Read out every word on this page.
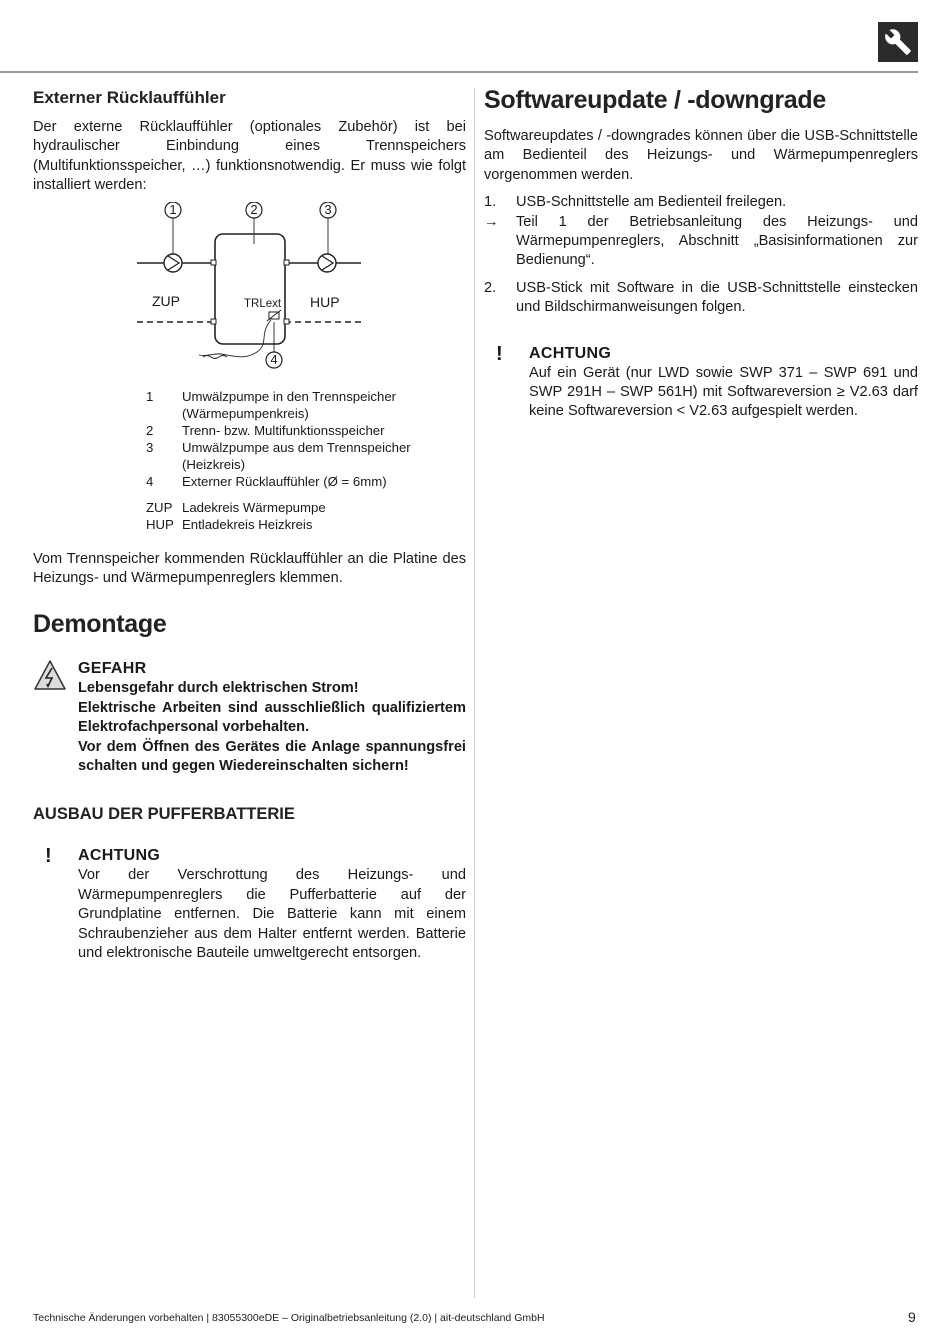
Externer Rücklauffühler

Der externe Rücklauffühler (optionales Zubehör) ist bei hydraulischer Einbindung eines Trennspeichers (Multifunktionsspeicher, …) funktionsnotwendig. Er muss wie folgt installiert werden:

1	2	3
4
ZUP	HUP
TRLext
1	Umwälzpumpe in den Trennspeicher (Wärmepumpenkreis)
2	Trenn- bzw. Multifunktionsspeicher
3	Umwälzpumpe aus dem Trennspeicher (Heizkreis)
4	Externer Rücklauffühler (Ø = 6mm)
ZUP Ladekreis Wärmepumpe
HUP Entladekreis Heizkreis

Vom Trennspeicher kommenden Rücklauffühler an die Platine des Heizungs- und Wärmepumpenreglers klemmen.

Demontage
GEFAHR
Lebensgefahr durch elektrischen Strom!
Elektrische Arbeiten sind ausschließlich qualifiziertem Elektrofachpersonal vorbehalten.
Vor dem Öffnen des Gerätes die Anlage spannungsfrei schalten und gegen Wiedereinschalten sichern!
AUSBAU DER PUFFERBATTERIE
!	ACHTUNG
Vor der Verschrottung des Heizungs- und Wärmepumpenreglers die Pufferbatterie auf der Grundplatine entfernen. Die Batterie kann mit einem Schraubenzieher aus dem Halter entfernt werden. Batterie und elektronische Bauteile umweltgerecht entsorgen.
Softwareupdate / -downgrade

Softwareupdates / -downgrades können über die USB-Schnittstelle am Bedienteil des Heizungs- und Wärmepumpenreglers vorgenommen werden.

1.	USB-Schnittstelle am Bedienteil freilegen.
→	Teil 1 der Betriebsanleitung des Heizungs- und Wärmepumpenreglers, Abschnitt „Basisinformationen zur Bedienung“.
2.	USB-Stick mit Software in die USB-Schnittstelle einstecken und Bildschirmanweisungen folgen.
!	ACHTUNG
Auf ein Gerät (nur LWD sowie SWP 371 – SWP 691 und SWP 291H – SWP 561H) mit Softwareversion ≥ V2.63 darf keine Softwareversion < V2.63 aufgespielt werden.
Technische Änderungen vorbehalten | 83055300eDE – Originalbetriebsanleitung (2.0) | ait-deutschland GmbH	9
